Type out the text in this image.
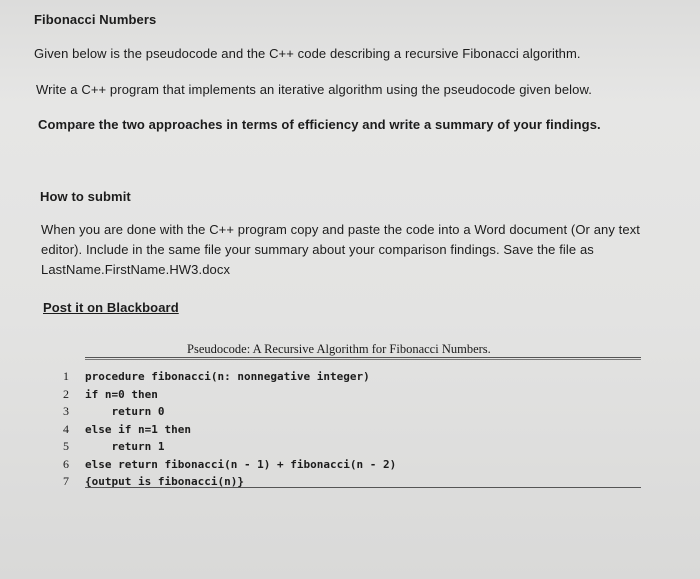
Fibonacci Numbers
Given below is the pseudocode and the C++ code describing a recursive Fibonacci algorithm.
Write a C++ program that implements an iterative algorithm using the pseudocode given below.
Compare the two approaches in terms of efficiency and write a summary of your findings.
How to submit
When you are done with the C++ program copy and paste the code into a Word document (Or any text editor). Include in the same file your summary about your comparison findings. Save the file as LastName.FirstName.HW3.docx
Post it on Blackboard
Pseudocode: A Recursive Algorithm for Fibonacci Numbers.
1 procedure fibonacci(n: nonnegative integer)
2 if n=0 then
3    return 0
4 else if n=1 then
5    return 1
6 else return fibonacci(n - 1) + fibonacci(n - 2)
7 {output is fibonacci(n)}
